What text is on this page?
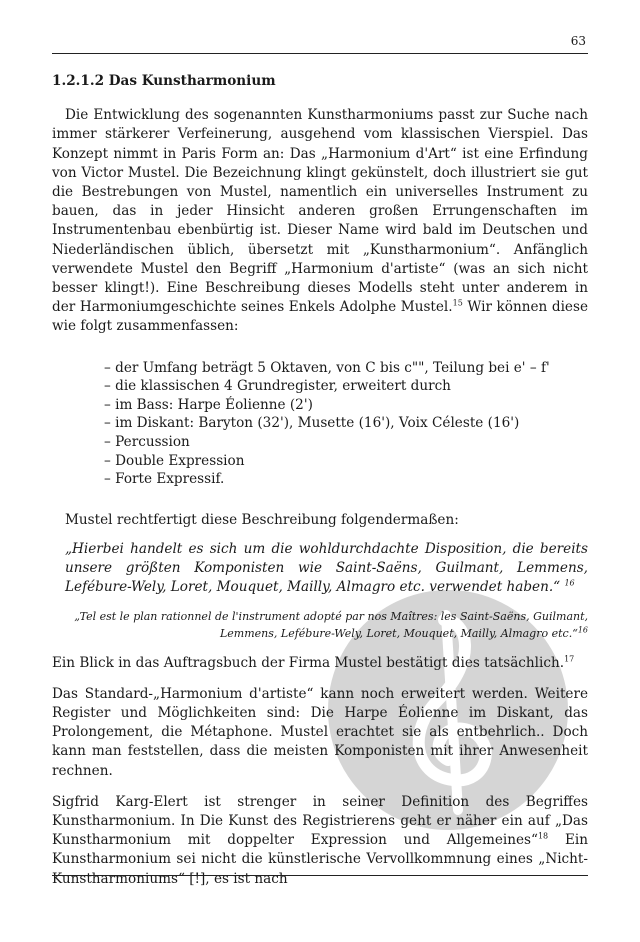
63

1.2.1.2 Das Kunstharmonium

Die Entwicklung des sogenannten Kunstharmoniums passt zur Suche nach immer stärkerer Verfeinerung, ausgehend vom klassischen Vierspiel. Das Konzept nimmt in Paris Form an: Das „Harmonium d'Art“ ist eine Erfindung von Victor Mustel. Die Bezeichnung klingt gekünstelt, doch illustriert sie gut die Bestrebungen von Mustel, namentlich ein universelles Instrument zu bauen, das in jeder Hinsicht anderen großen Errungenschaften im Instrumentenbau ebenbürtig ist. Dieser Name wird bald im Deutschen und Niederländischen üblich, übersetzt mit „Kunstharmonium“. Anfänglich verwendete Mustel den Begriff „Harmonium d'artiste“ (was an sich nicht besser klingt!). Eine Beschreibung dieses Modells steht unter anderem in der Harmoniumgeschichte seines Enkels Adolphe Mustel.$^{15}$ Wir können diese wie folgt zusammenfassen:

– der Umfang beträgt 5 Oktaven, von C bis c"", Teilung bei e' – f'
– die klassischen 4 Grundregister, erweitert durch
– im Bass: Harpe Éolienne (2')
– im Diskant: Baryton (32'), Musette (16'), Voix Céleste (16')
– Percussion
– Double Expression
– Forte Expressif.

Mustel rechtfertigt diese Beschreibung folgendermaßen:

„Hierbei handelt es sich um die wohldurchdachte Disposition, die bereits unsere größten Komponisten wie Saint-Saëns, Guilmant, Lemmens, Lefébure-Wely, Loret, Mouquet, Mailly, Almagro etc. verwendet haben.“ $^{16}$

„Tel est le plan rationnel de l'instrument adopté par nos Maîtres: les Saint-Saëns, Guilmant, Lemmens, Lefébure-Wely, Loret, Mouquet, Mailly, Almagro etc.“$^{16}$

Ein Blick in das Auftragsbuch der Firma Mustel bestätigt dies tatsächlich.$^{17}$

Das Standard-„Harmonium d'artiste“ kann noch erweitert werden. Weitere Register und Möglichkeiten sind: Die Harpe Éolienne im Diskant, das Prolongement, die Métaphone. Mustel erachtet sie als entbehrlich.. Doch kann man feststellen, dass die meisten Komponisten mit ihrer Anwesenheit rechnen.

Sigfrid Karg-Elert ist strenger in seiner Definition des Begriffes Kunstharmonium. In Die Kunst des Registrierens geht er näher ein auf „Das Kunstharmonium mit doppelter Expression und Allgemeines“$^{18}$ Ein Kunstharmonium sei nicht die künstlerische Vervollkommnung eines „Nicht-Kunstharmoniums“ [!], es ist nach
